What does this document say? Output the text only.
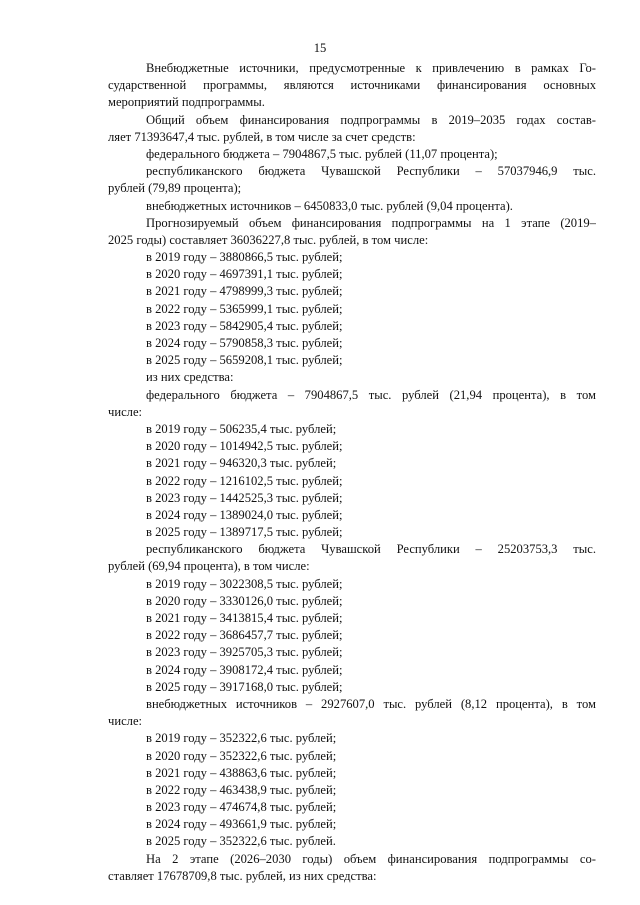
15
Внебюджетные источники, предусмотренные к привлечению в рамках Го-
сударственной программы, являются источниками финансирования основных
мероприятий подпрограммы.
Общий объем финансирования подпрограммы в 2019–2035 годах состав-
ляет 71393647,4 тыс. рублей, в том числе за счет средств:
федерального бюджета – 7904867,5 тыс. рублей (11,07 процента);
республиканского бюджета Чувашской Республики – 57037946,9 тыс.
рублей (79,89 процента);
внебюджетных источников – 6450833,0 тыс. рублей (9,04 процента).
Прогнозируемый объем финансирования подпрограммы на 1 этапе (2019–
2025 годы) составляет 36036227,8 тыс. рублей, в том числе:
в 2019 году – 3880866,5 тыс. рублей;
в 2020 году – 4697391,1 тыс. рублей;
в 2021 году – 4798999,3 тыс. рублей;
в 2022 году – 5365999,1 тыс. рублей;
в 2023 году – 5842905,4 тыс. рублей;
в 2024 году – 5790858,3 тыс. рублей;
в 2025 году – 5659208,1 тыс. рублей;
из них средства:
федерального бюджета – 7904867,5 тыс. рублей (21,94 процента), в том
числе:
в 2019 году – 506235,4 тыс. рублей;
в 2020 году – 1014942,5 тыс. рублей;
в 2021 году – 946320,3 тыс. рублей;
в 2022 году – 1216102,5 тыс. рублей;
в 2023 году – 1442525,3 тыс. рублей;
в 2024 году – 1389024,0 тыс. рублей;
в 2025 году – 1389717,5 тыс. рублей;
республиканского бюджета Чувашской Республики – 25203753,3 тыс.
рублей (69,94 процента), в том числе:
в 2019 году – 3022308,5 тыс. рублей;
в 2020 году – 3330126,0 тыс. рублей;
в 2021 году – 3413815,4 тыс. рублей;
в 2022 году – 3686457,7 тыс. рублей;
в 2023 году – 3925705,3 тыс. рублей;
в 2024 году – 3908172,4 тыс. рублей;
в 2025 году – 3917168,0 тыс. рублей;
внебюджетных источников – 2927607,0 тыс. рублей (8,12 процента), в том
числе:
в 2019 году – 352322,6 тыс. рублей;
в 2020 году – 352322,6 тыс. рублей;
в 2021 году – 438863,6 тыс. рублей;
в 2022 году – 463438,9 тыс. рублей;
в 2023 году – 474674,8 тыс. рублей;
в 2024 году – 493661,9 тыс. рублей;
в 2025 году – 352322,6 тыс. рублей.
На 2 этапе (2026–2030 годы) объем финансирования подпрограммы со-
ставляет 17678709,8 тыс. рублей, из них средства:
